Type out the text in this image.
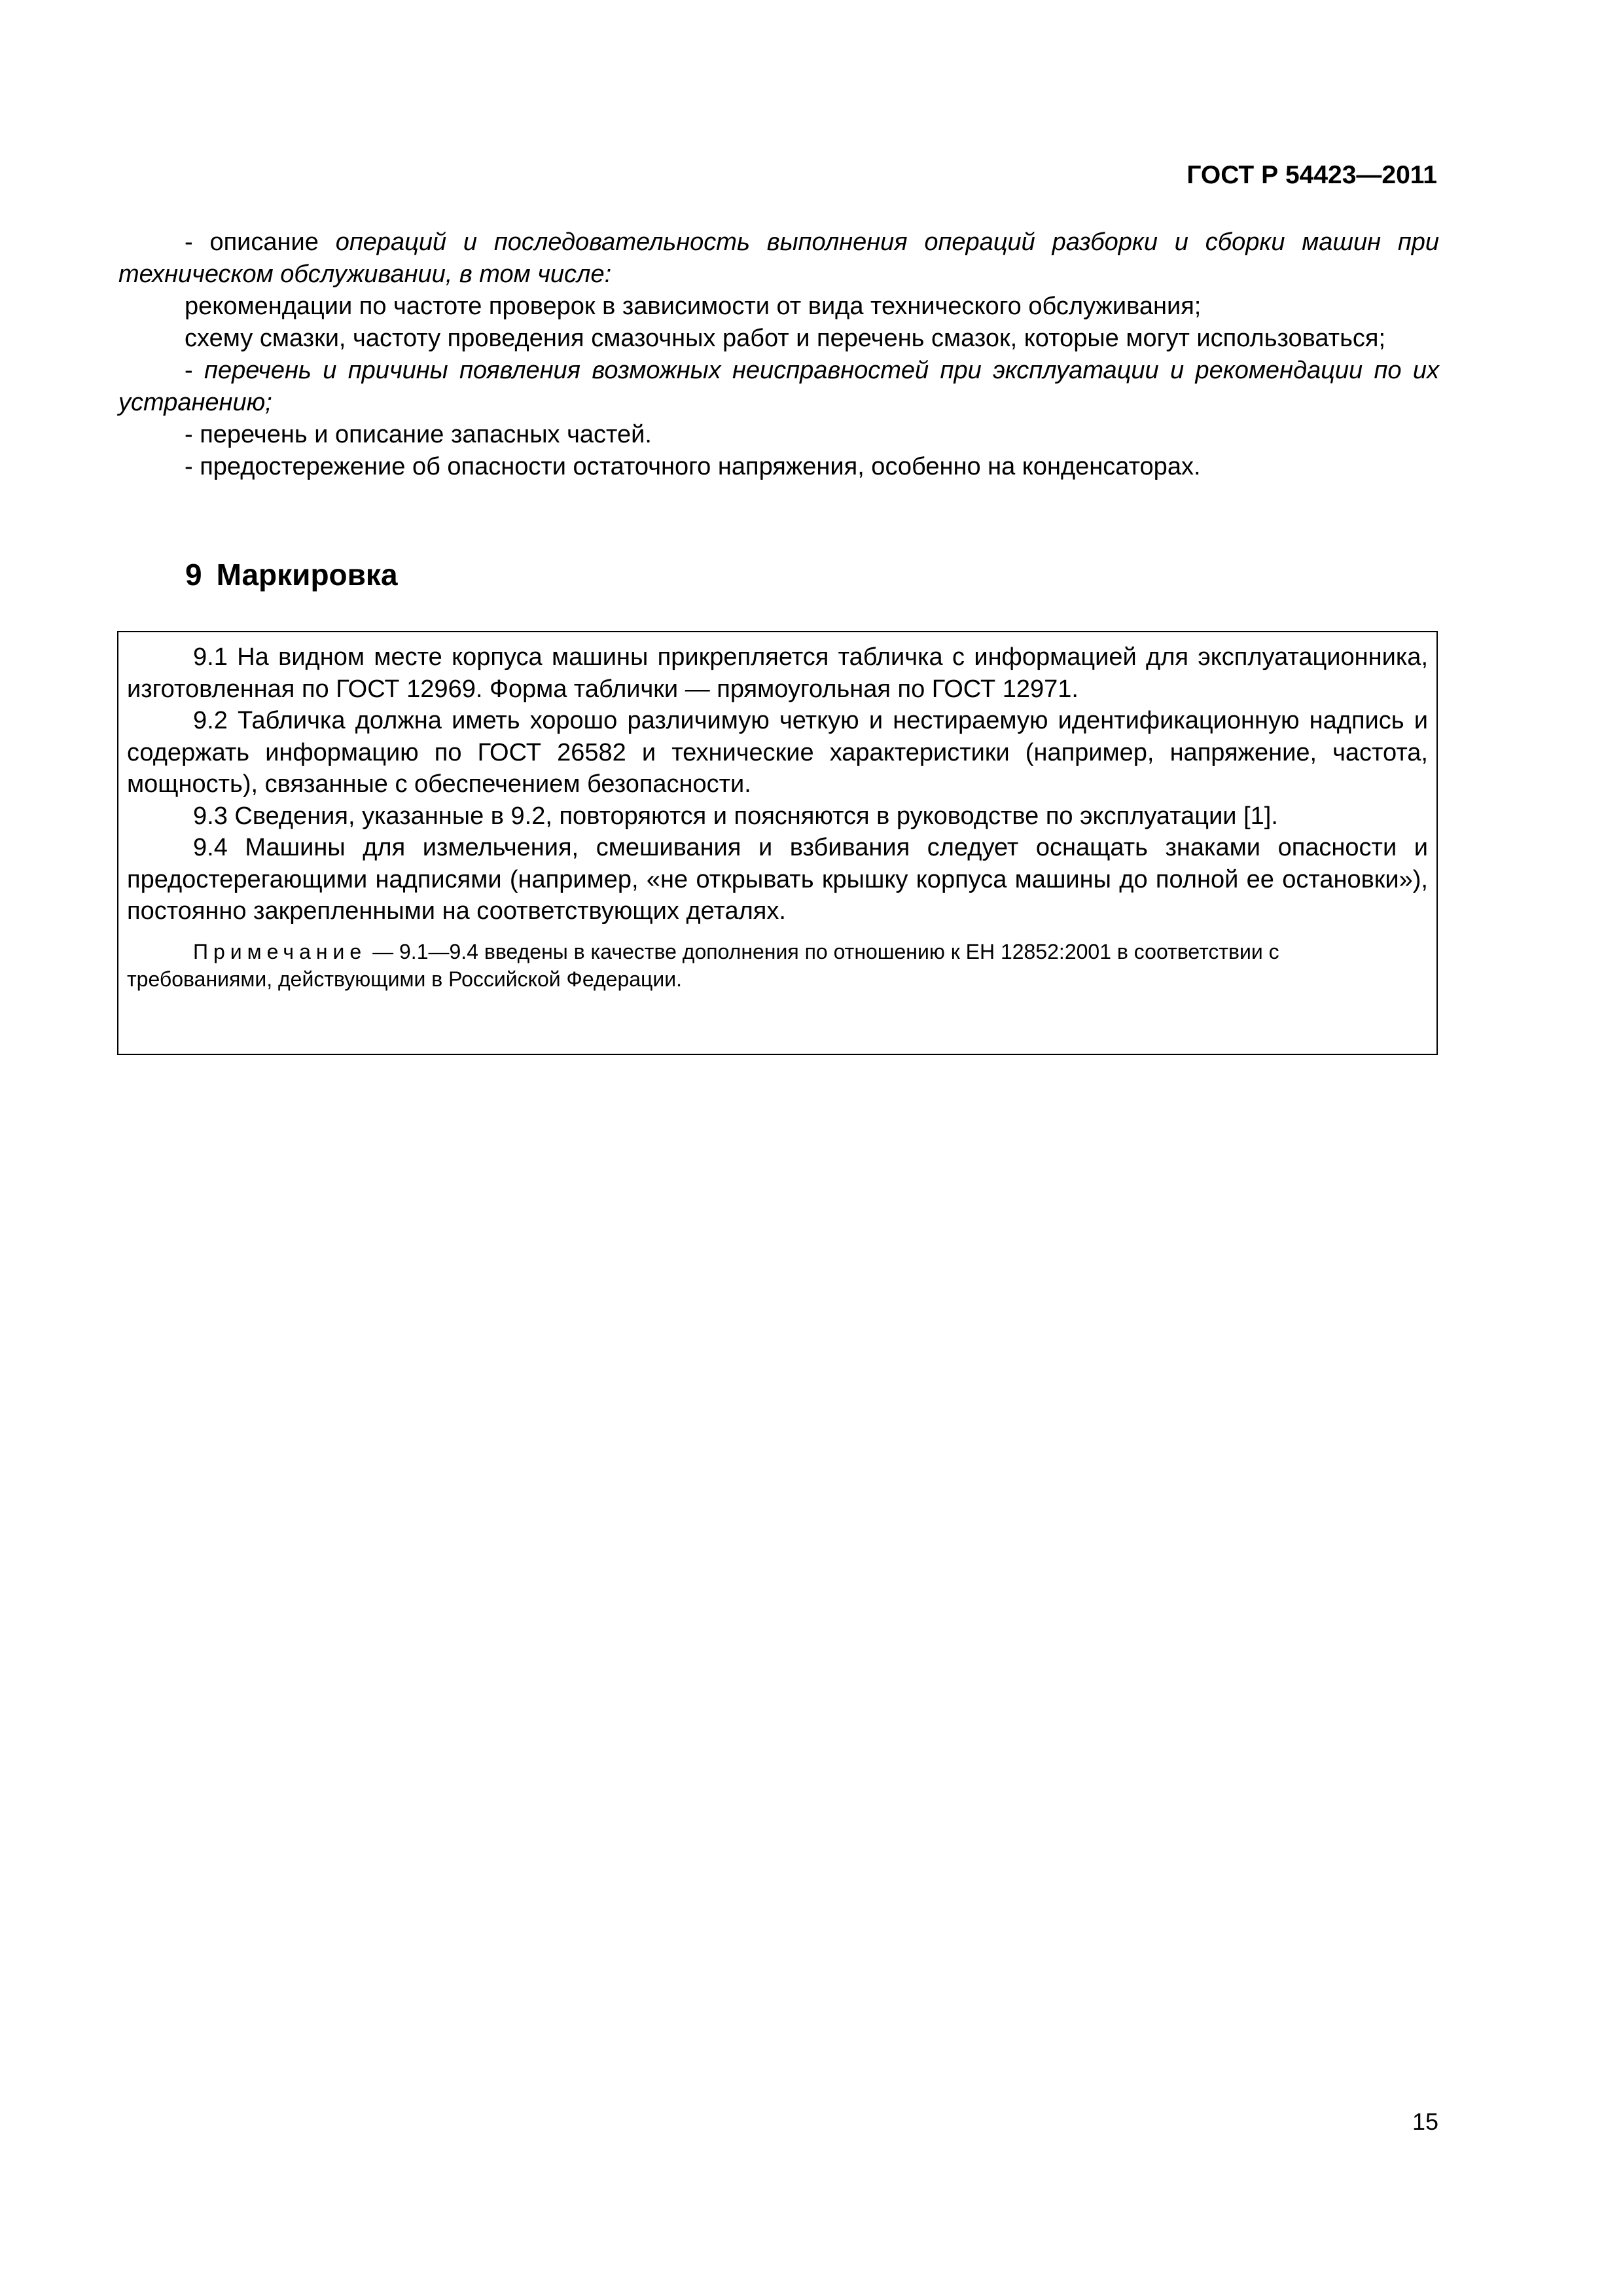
ГОСТ Р 54423—2011

- описание операций и последовательность выполнения операций разборки и сборки машин при техническом обслуживании, в том числе:

рекомендации по частоте проверок в зависимости от вида технического обслуживания;

схему смазки, частоту проведения смазочных работ и перечень смазок, которые могут использоваться;

- перечень и причины появления возможных неисправностей при эксплуатации и рекомендации по их устранению;

- перечень и описание запасных частей.

- предостережение об опасности остаточного напряжения, особенно на конденсаторах.

9 Маркировка

9.1 На видном месте корпуса машины прикрепляется табличка с информацией для эксплуатационника, изготовленная по ГОСТ 12969. Форма таблички — прямоугольная по ГОСТ 12971.

9.2 Табличка должна иметь хорошо различимую четкую и нестираемую идентификационную надпись и содержать информацию по ГОСТ 26582 и технические характеристики (например, напряжение, частота, мощность), связанные с обеспечением безопасности.

9.3 Сведения, указанные в 9.2, повторяются и поясняются в руководстве по эксплуатации [1].

9.4 Машины для измельчения, смешивания и взбивания следует оснащать знаками опасности и предостерегающими надписями (например, «не открывать крышку корпуса машины до полной ее остановки»), постоянно закрепленными на соответствующих деталях.

Примечание — 9.1—9.4 введены в качестве дополнения по отношению к ЕН 12852:2001 в соответствии с требованиями, действующими в Российской Федерации.

15
